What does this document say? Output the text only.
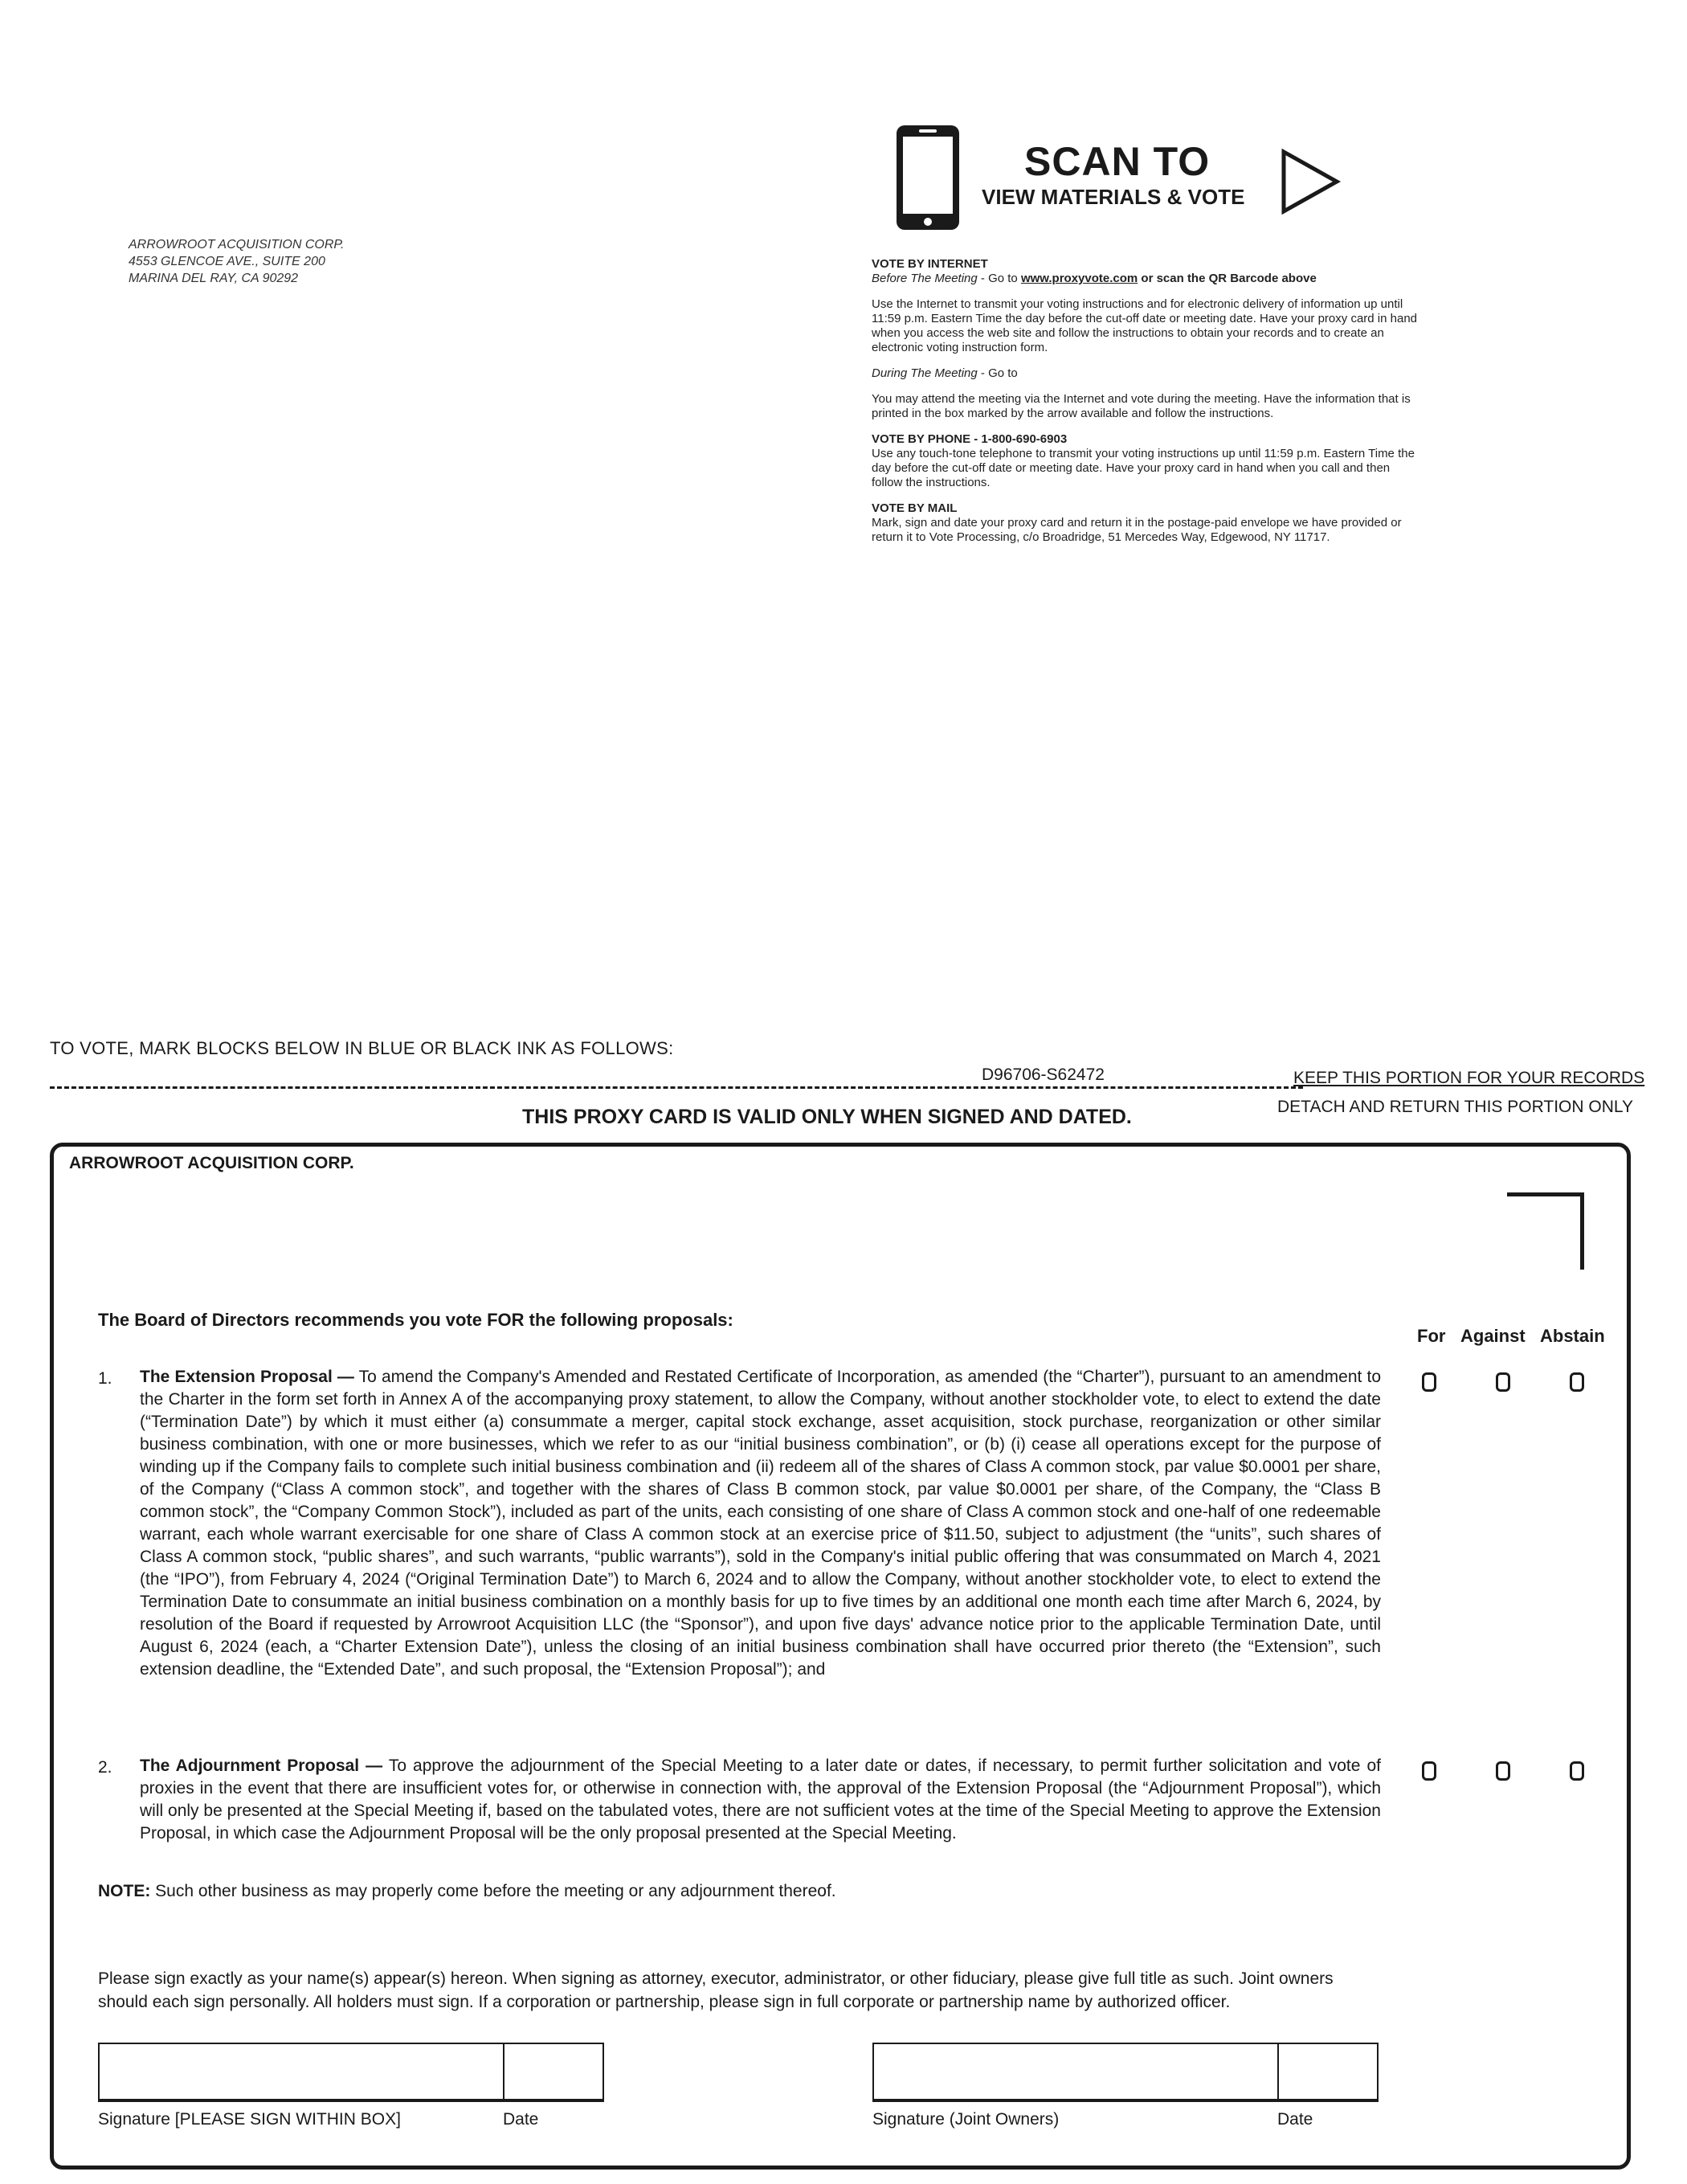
ARROWROOT ACQUISITION CORP.
4553 GLENCOE AVE., SUITE 200
MARINA DEL RAY, CA 90292
SCAN TO
VIEW MATERIALS & VOTE

VOTE BY INTERNET

Before The Meeting - Go to www.proxyvote.com or scan the QR Barcode above

Use the Internet to transmit your voting instructions and for electronic delivery of information up until 11:59 p.m. Eastern Time the day before the cut-off date or meeting date. Have your proxy card in hand when you access the web site and follow the instructions to obtain your records and to create an electronic voting instruction form.

During The Meeting - Go to

You may attend the meeting via the Internet and vote during the meeting. Have the information that is printed in the box marked by the arrow available and follow the instructions.

VOTE BY PHONE - 1-800-690-6903

Use any touch-tone telephone to transmit your voting instructions up until 11:59 p.m. Eastern Time the day before the cut-off date or meeting date. Have your proxy card in hand when you call and then follow the instructions.

VOTE BY MAIL

Mark, sign and date your proxy card and return it in the postage-paid envelope we have provided or return it to Vote Processing, c/o Broadridge, 51 Mercedes Way, Edgewood, NY 11717.

TO VOTE, MARK BLOCKS BELOW IN BLUE OR BLACK INK AS FOLLOWS:
D96706-S62472	KEEP THIS PORTION FOR YOUR RECORDS
THIS PROXY CARD IS VALID ONLY WHEN SIGNED AND DATED.	DETACH AND RETURN THIS PORTION ONLY
ARROWROOT ACQUISITION CORP.
The Board of Directors recommends you vote FOR the following proposals:
For Against Abstain
1. The Extension Proposal — To amend the Company's Amended and Restated Certificate of Incorporation, as amended (the “Charter”), pursuant to an amendment to the Charter in the form set forth in Annex A of the accompanying proxy statement, to allow the Company, without another stockholder vote, to elect to extend the date (“Termination Date”) by which it must either (a) consummate a merger, capital stock exchange, asset acquisition, stock purchase, reorganization or other similar business combination, with one or more businesses, which we refer to as our “initial business combination”, or (b) (i) cease all operations except for the purpose of winding up if the Company fails to complete such initial business combination and (ii) redeem all of the shares of Class A common stock, par value $0.0001 per share, of the Company (“Class A common stock”, and together with the shares of Class B common stock, par value $0.0001 per share, of the Company, the “Class B common stock”, the “Company Common Stock”), included as part of the units, each consisting of one share of Class A common stock and one-half of one redeemable warrant, each whole warrant exercisable for one share of Class A common stock at an exercise price of $11.50, subject to adjustment (the “units”, such shares of Class A common stock, “public shares”, and such warrants, “public warrants”), sold in the Company's initial public offering that was consummated on March 4, 2021 (the “IPO”), from February 4, 2024 (“Original Termination Date”) to March 6, 2024 and to allow the Company, without another stockholder vote, to elect to extend the Termination Date to consummate an initial business combination on a monthly basis for up to five times by an additional one month each time after March 6, 2024, by resolution of the Board if requested by Arrowroot Acquisition LLC (the “Sponsor”), and upon five days' advance notice prior to the applicable Termination Date, until August 6, 2024 (each, a “Charter Extension Date”), unless the closing of an initial business combination shall have occurred prior thereto (the “Extension”, such extension deadline, the “Extended Date”, and such proposal, the “Extension Proposal”); and
2. The Adjournment Proposal — To approve the adjournment of the Special Meeting to a later date or dates, if necessary, to permit further solicitation and vote of proxies in the event that there are insufficient votes for, or otherwise in connection with, the approval of the Extension Proposal (the “Adjournment Proposal”), which will only be presented at the Special Meeting if, based on the tabulated votes, there are not sufficient votes at the time of the Special Meeting to approve the Extension Proposal, in which case the Adjournment Proposal will be the only proposal presented at the Special Meeting.
NOTE: Such other business as may properly come before the meeting or any adjournment thereof.
Please sign exactly as your name(s) appear(s) hereon. When signing as attorney, executor, administrator, or other fiduciary, please give full title as such. Joint owners should each sign personally. All holders must sign. If a corporation or partnership, please sign in full corporate or partnership name by authorized officer.
Signature [PLEASE SIGN WITHIN BOX]	Date	Signature (Joint Owners)	Date
